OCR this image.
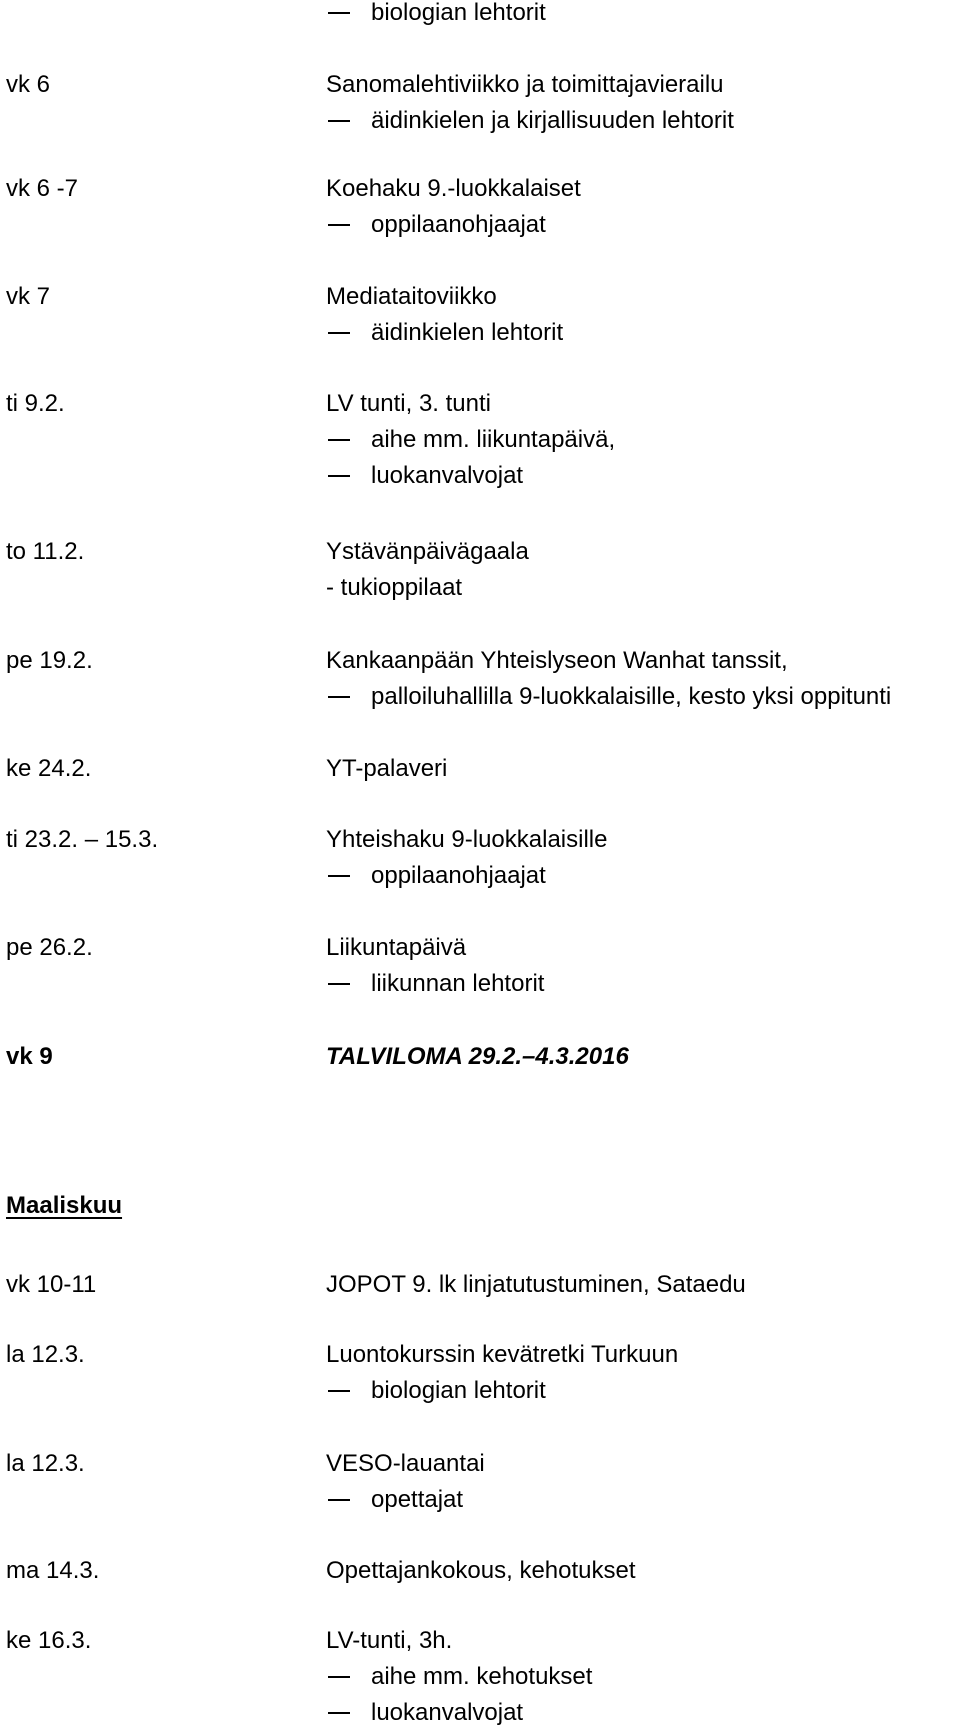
biologian lehtorit
vk 6	Sanomalehtiviikko ja toimittajavierailu
äidinkielen ja kirjallisuuden lehtorit
vk 6 -7	Koehaku 9.-luokkalaiset
oppilaanohjaajat
vk 7	Mediataitoviikko
äidinkielen lehtorit
ti 9.2.	LV tunti, 3. tunti
aihe mm. liikuntapäivä,
luokanvalvojat
to 11.2.	Ystävänpäivägaala
- tukioppilaat
pe 19.2.	Kankaanpään Yhteislyseon Wanhat tanssit,
palloiluhallilla 9-luokkalaisille, kesto yksi oppitunti
ke 24.2.	YT-palaveri
ti 23.2. – 15.3.	Yhteishaku 9-luokkalaisille
oppilaanohjaajat
pe 26.2.	Liikuntapäivä
liikunnan lehtorit
vk 9	TALVILOMA 29.2.–4.3.2016
Maaliskuu
vk 10-11	JOPOT 9. lk linjatutustuminen, Sataedu
la 12.3.	Luontokurssin kevätretki Turkuun
biologian lehtorit
la 12.3.	VESO-lauantai
opettajat
ma 14.3.	Opettajankokous, kehotukset
ke 16.3.	LV-tunti, 3h.
aihe mm. kehotukset
luokanvalvojat
